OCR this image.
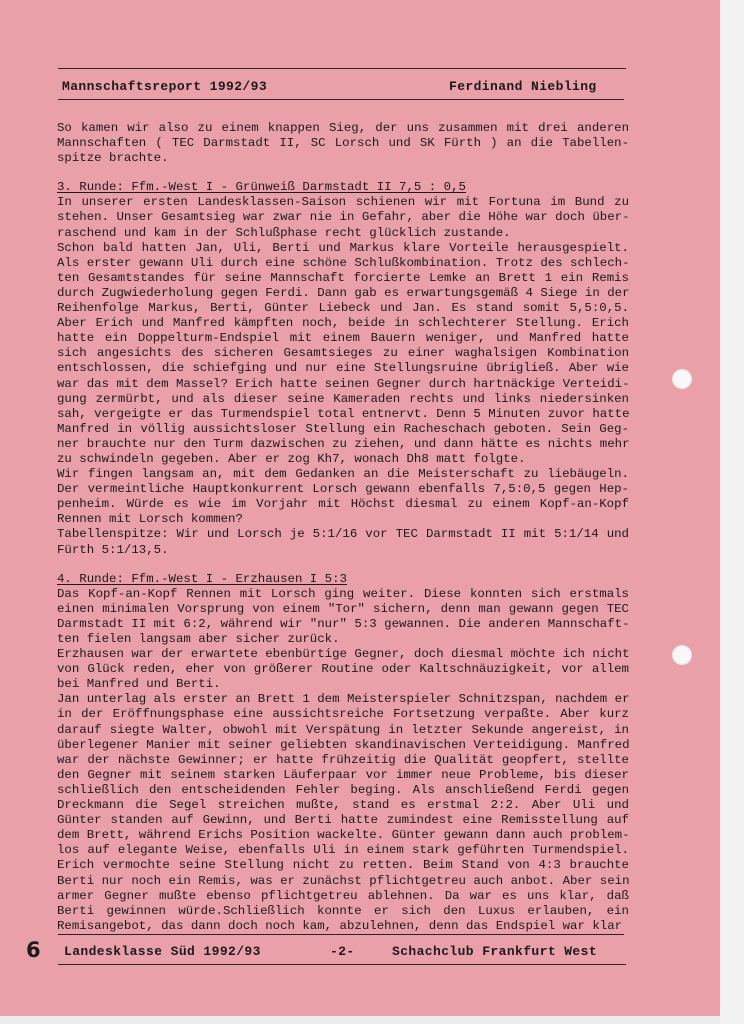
Mannschaftsreport 1992/93	Ferdinand Niebling
So kamen wir also zu einem knappen Sieg, der uns zusammen mit drei anderen
Mannschaften ( TEC Darmstadt II, SC Lorsch und SK Fürth ) an die Tabellen-
spitze brachte.
3. Runde: Ffm.-West I - Grünweiß Darmstadt II 7,5 : 0,5
In unserer ersten Landesklassen-Saison schienen wir mit Fortuna im Bund zu
stehen. Unser Gesamtsieg war zwar nie in Gefahr, aber die Höhe war doch über-
raschend und kam in der Schlußphase recht glücklich zustande.
Schon bald hatten Jan, Uli, Berti und Markus klare Vorteile herausgespielt.
Als erster gewann Uli durch eine schöne Schlußkombination. Trotz des schlech-
ten Gesamtstandes für seine Mannschaft forcierte Lemke an Brett 1 ein Remis
durch Zugwiederholung gegen Ferdi. Dann gab es erwartungsgemäß 4 Siege in der
Reihenfolge Markus, Berti, Günter Liebeck und Jan. Es stand somit 5,5:0,5.
Aber Erich und Manfred kämpften noch, beide in schlechterer Stellung. Erich
hatte ein Doppelturm-Endspiel mit einem Bauern weniger, und Manfred hatte
sich angesichts des sicheren Gesamtsieges zu einer waghalsigen Kombination
entschlossen, die schiefging und nur eine Stellungsruine übrigließ. Aber wie
war das mit dem Massel? Erich hatte seinen Gegner durch hartnäckige Verteidi-
gung zermürbt, und als dieser seine Kameraden rechts und links niedersinken
sah, vergeigte er das Turmendspiel total entnervt. Denn 5 Minuten zuvor hatte
Manfred in völlig aussichtsloser Stellung ein Racheschach geboten. Sein Geg-
ner brauchte nur den Turm dazwischen zu ziehen, und dann hätte es nichts mehr
zu schwindeln gegeben. Aber er zog Kh7, wonach Dh8 matt folgte.
Wir fingen langsam an, mit dem Gedanken an die Meisterschaft zu liebäugeln.
Der vermeintliche Hauptkonkurrent Lorsch gewann ebenfalls 7,5:0,5 gegen Hep-
penheim. Würde es wie im Vorjahr mit Höchst diesmal zu einem Kopf-an-Kopf
Rennen mit Lorsch kommen?
Tabellenspitze: Wir und Lorsch je 5:1/16 vor TEC Darmstadt II mit 5:1/14 und
Fürth 5:1/13,5.
4. Runde: Ffm.-West I - Erzhausen I 5:3
Das Kopf-an-Kopf Rennen mit Lorsch ging weiter. Diese konnten sich erstmals
einen minimalen Vorsprung von einem "Tor" sichern, denn man gewann gegen TEC
Darmstadt II mit 6:2, während wir "nur" 5:3 gewannen. Die anderen Mannschaft-
ten fielen langsam aber sicher zurück.
Erzhausen war der erwartete ebenbürtige Gegner, doch diesmal möchte ich nicht
von Glück reden, eher von größerer Routine oder Kaltschnäuzigkeit, vor allem
bei Manfred und Berti.
Jan unterlag als erster an Brett 1 dem Meisterspieler Schnitzspan, nachdem er
in der Eröffnungsphase eine aussichtsreiche Fortsetzung verpaßte. Aber kurz
darauf siegte Walter, obwohl mit Verspätung in letzter Sekunde angereist, in
überlegener Manier mit seiner geliebten skandinavischen Verteidigung. Manfred
war der nächste Gewinner; er hatte frühzeitig die Qualität geopfert, stellte
den Gegner mit seinem starken Läuferpaar vor immer neue Probleme, bis dieser
schließlich den entscheidenden Fehler beging. Als anschließend Ferdi gegen
Dreckmann die Segel streichen mußte, stand es erstmal 2:2. Aber Uli und
Günter standen auf Gewinn, und Berti hatte zumindest eine Remisstellung auf
dem Brett, während Erichs Position wackelte. Günter gewann dann auch problem-
los auf elegante Weise, ebenfalls Uli in einem stark geführten Turmendspiel.
Erich vermochte seine Stellung nicht zu retten. Beim Stand von 4:3 brauchte
Berti nur noch ein Remis, was er zunächst pflichtgetreu auch anbot. Aber sein
armer Gegner mußte ebenso pflichtgetreu ablehnen. Da war es uns klar, daß
Berti gewinnen würde.Schließlich konnte er sich den Luxus erlauben, ein
Remisangebot, das dann doch noch kam, abzulehnen, denn das Endspiel war klar
6 Landesklasse Süd 1992/93	-2-	Schachclub Frankfurt West
